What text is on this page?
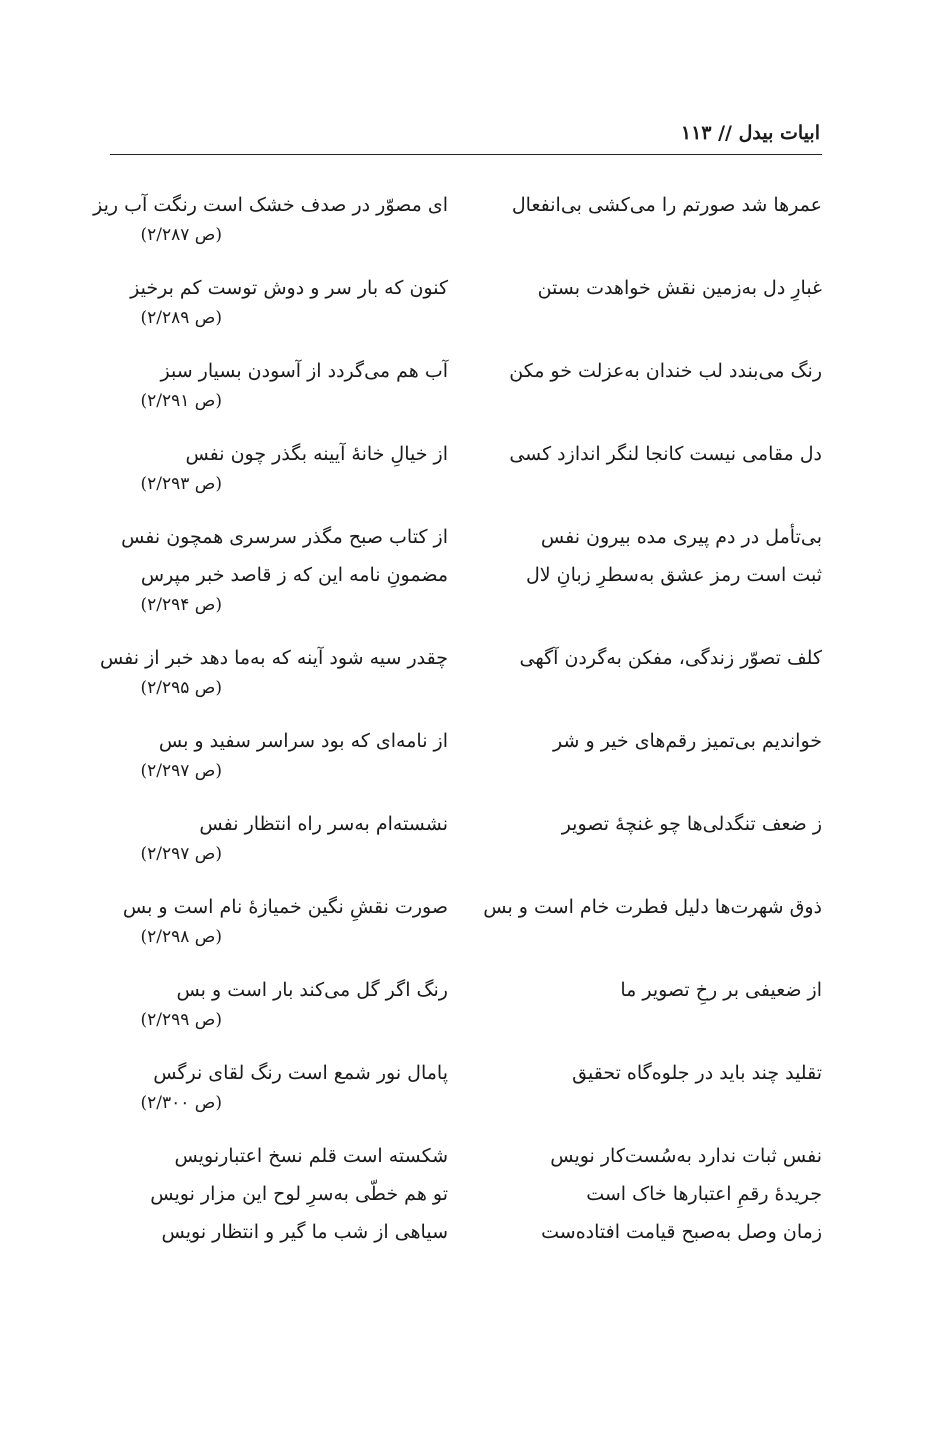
ابیات بیدل // ۱۱۳
عمرها شد صورتم را می‌کشی بی‌انفعال
ای مصوّر در صدف خشک است رنگت آب ریز
(ص ۲/۲۸۷)
غبارِ دل به‌زمین نقش خواهدت بستن
کنون که بار سر و دوش توست کم برخیز
(ص ۲/۲۸۹)
رنگ می‌بندد لب خندان به‌عزلت خو مکن
آب هم می‌گردد از آسودن بسیار سبز
(ص ۲/۲۹۱)
دل مقامی نیست کانجا لنگر اندازد کسی
از خیالِ خانهٔ آیینه بگذر چون نفس
(ص ۲/۲۹۳)
بی‌تأمل در دم پیری مده بیرون نفس
از کتاب صبح مگذر سرسری همچون نفس
ثبت است رمز عشق به‌سطرِ زبانِ لال
مضمونِ نامه این که ز قاصد خبر مپرس
(ص ۲/۲۹۴)
کلف تصوّر زندگی، مفکن به‌گردن آگهی
چقدر سیه شود آینه که به‌ما دهد خبر از نفس
(ص ۲/۲۹۵)
خواندیم بی‌تمیز رقم‌های خیر و شر
از نامه‌ای که بود سراسر سفید و بس
(ص ۲/۲۹۷)
ز ضعف تنگدلی‌ها چو غنچهٔ تصویر
نشسته‌ام به‌سر راه انتظار نفس
(ص ۲/۲۹۷)
ذوق شهرت‌ها دلیل فطرت خام است و بس
صورت نقشِ نگین خمیازهٔ نام است و بس
(ص ۲/۲۹۸)
از ضعیفی بر رخِ تصویر ما
رنگ اگر گل می‌کند بار است و بس
(ص ۲/۲۹۹)
تقلید چند باید در جلوه‌گاه تحقیق
پامال نور شمع است رنگ لقای نرگس
(ص ۲/۳۰۰)
نفس ثبات ندارد به‌سُست‌کار نویس
شکسته است قلم نسخ اعتبارنویس
جریدهٔ رقمِ اعتبارها خاک است
تو هم خطّی به‌سرِ لوح این مزار نویس
زمان وصل به‌صبح قیامت افتاده‌ست
سیاهی از شب ما گیر و انتظار نویس
